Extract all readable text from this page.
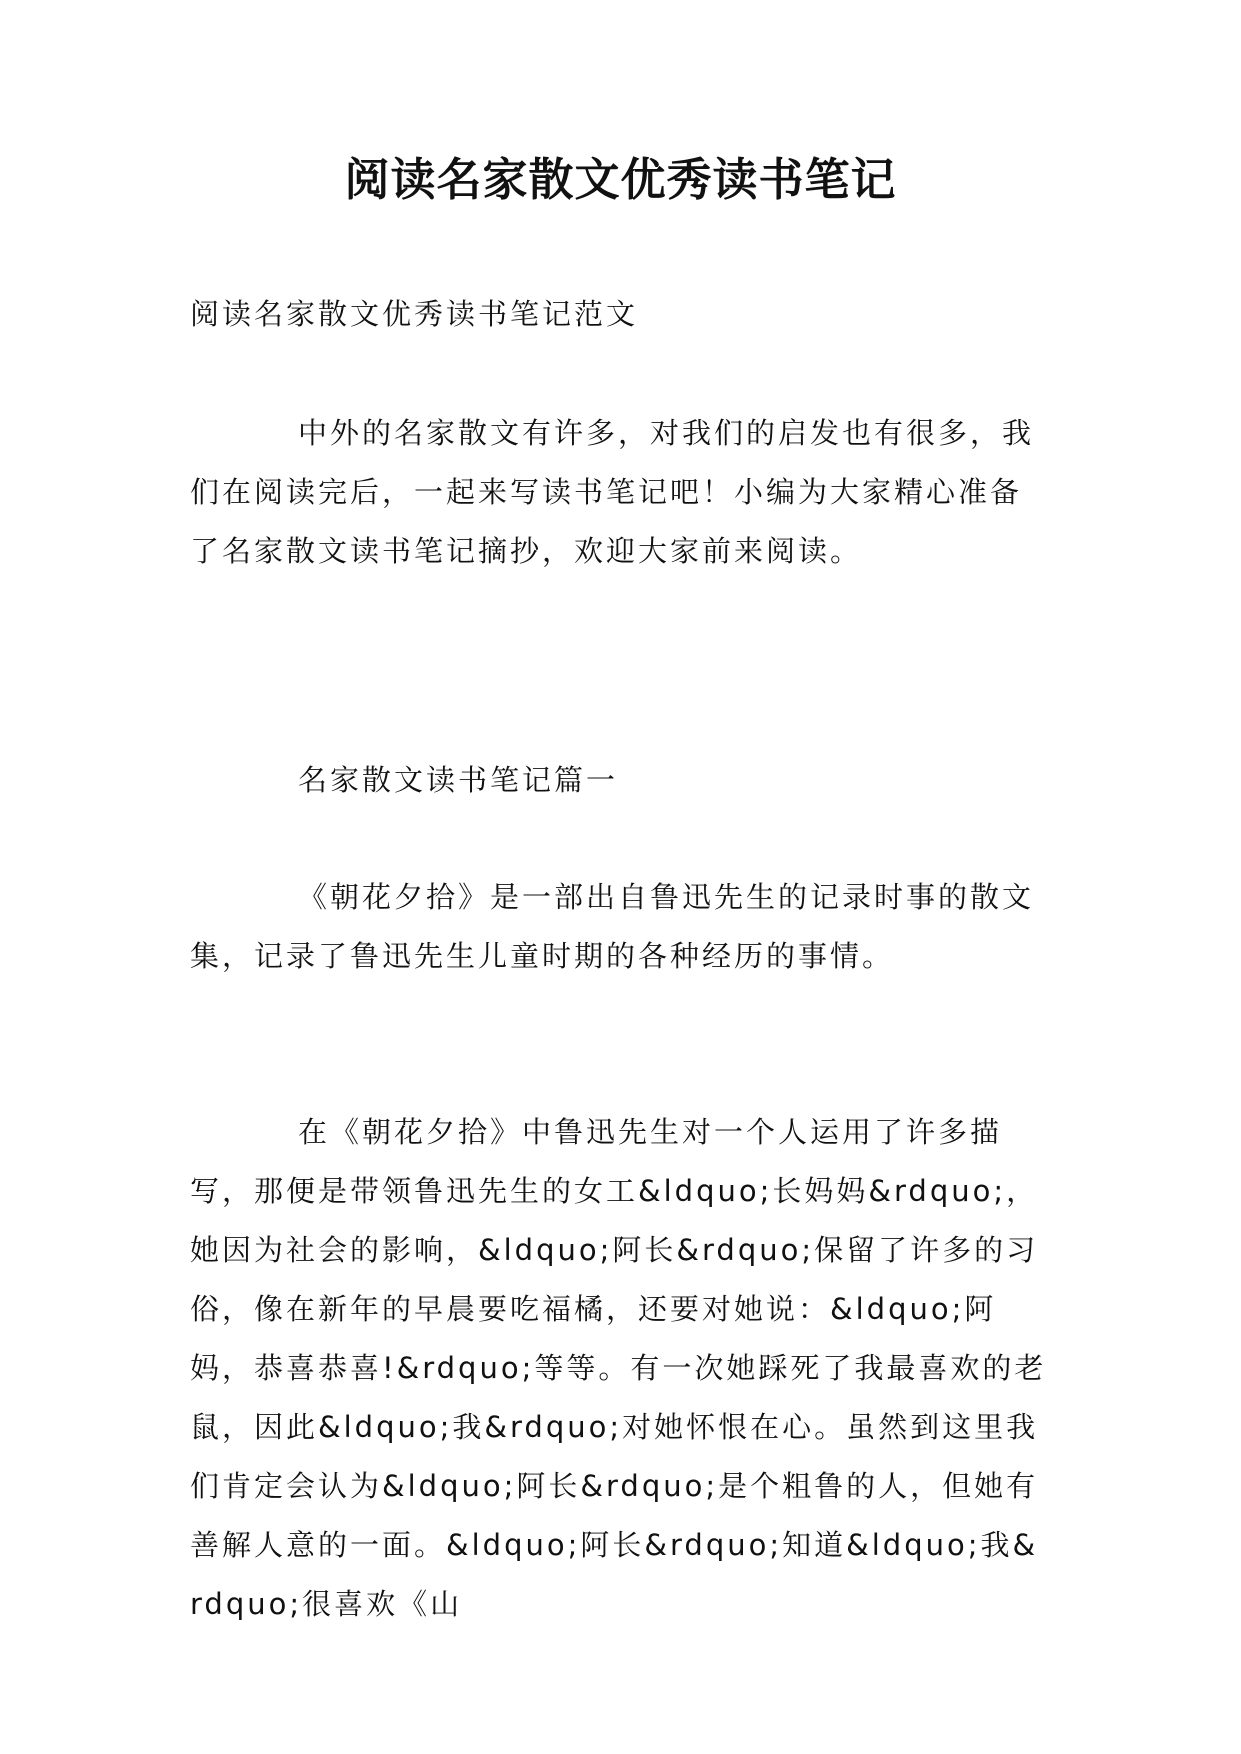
阅读名家散文优秀读书笔记

阅读名家散文优秀读书笔记范文

中外的名家散文有许多，对我们的启发也有很多，我们在阅读完后，一起来写读书笔记吧！小编为大家精心准备了名家散文读书笔记摘抄，欢迎大家前来阅读。

名家散文读书笔记篇一

《朝花夕拾》是一部出自鲁迅先生的记录时事的散文集，记录了鲁迅先生儿童时期的各种经历的事情。

在《朝花夕拾》中鲁迅先生对一个人运用了许多描写，那便是带领鲁迅先生的女工&ldquo;长妈妈&rdquo;，她因为社会的影响，&ldquo;阿长&rdquo;保留了许多的习俗，像在新年的早晨要吃福橘，还要对她说：&ldquo;阿妈，恭喜恭喜!&rdquo;等等。有一次她踩死了我最喜欢的老鼠，因此&ldquo;我&rdquo;对她怀恨在心。虽然到这里我们肯定会认为&ldquo;阿长&rdquo;是个粗鲁的人，但她有善解人意的一面。&ldquo;阿长&rdquo;知道&ldquo;我&rdquo;很喜欢《山
